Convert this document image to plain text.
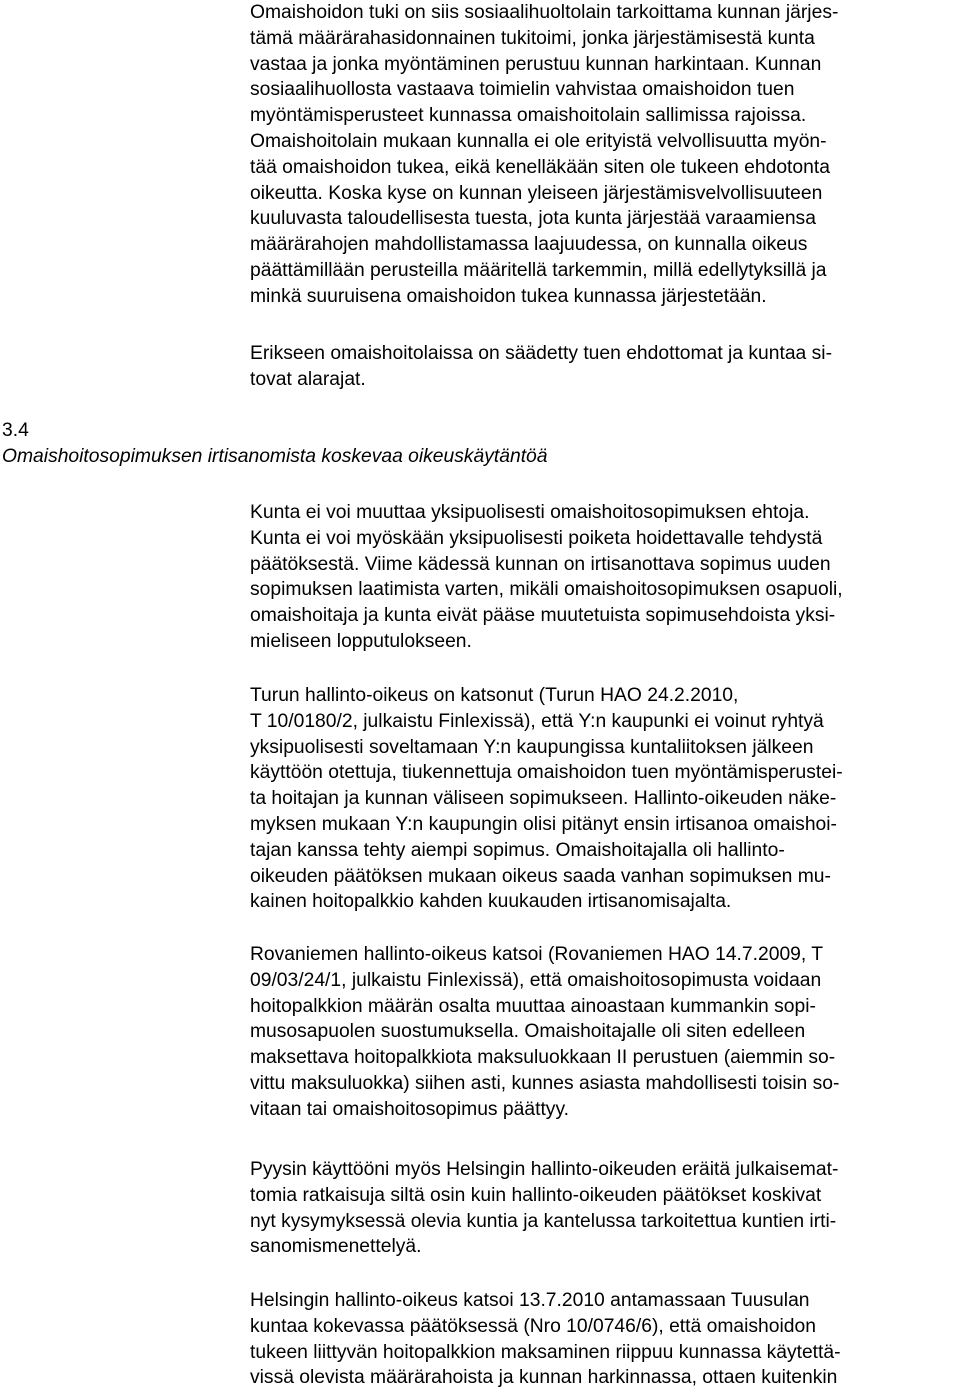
Omaishoidon tuki on siis sosiaalihuoltolain tarkoittama kunnan järjes-
tämä määrärahasidonnainen tukitoimi, jonka järjestämisestä kunta
vastaa ja jonka myöntäminen perustuu kunnan harkintaan. Kunnan
sosiaalihuollosta vastaava toimielin vahvistaa omaishoidon tuen
myöntämisperusteet kunnassa omaishoitolain sallimissa rajoissa.
Omaishoitolain mukaan kunnalla ei ole erityistä velvollisuutta myön-
tää omaishoidon tukea, eikä kenelläkään siten ole tukeen ehdotonta
oikeutta. Koska kyse on kunnan yleiseen järjestämisvelvollisuuteen
kuuluvasta taloudellisesta tuesta, jota kunta järjestää varaamiensa
määrärahojen mahdollistamassa laajuudessa, on kunnalla oikeus
päättämillään perusteilla määritellä tarkemmin, millä edellytyksillä ja
minkä suuruisena omaishoidon tukea kunnassa järjestetään.

Erikseen omaishoitolaissa on säädetty tuen ehdottomat ja kuntaa si-
tovat alarajat.

3.4

Omaishoitosopimuksen irtisanomista koskevaa oikeuskäytäntöä

Kunta ei voi muuttaa yksipuolisesti omaishoitosopimuksen ehtoja.
Kunta ei voi myöskään yksipuolisesti poiketa hoidettavalle tehdystä
päätöksestä. Viime kädessä kunnan on irtisanottava sopimus uuden
sopimuksen laatimista varten, mikäli omaishoitosopimuksen osapuoli,
omaishoitaja ja kunta eivät pääse muutetuista sopimusehdoista yksi-
mieliseen lopputulokseen.

Turun hallinto-oikeus on katsonut (Turun HAO 24.2.2010,
T 10/0180/2, julkaistu Finlexissä), että Y:n kaupunki ei voinut ryhtyä
yksipuolisesti soveltamaan Y:n kaupungissa kuntaliitoksen jälkeen
käyttöön otettuja, tiukennettuja omaishoidon tuen myöntämisperustei-
ta hoitajan ja kunnan väliseen sopimukseen. Hallinto-oikeuden näke-
myksen mukaan Y:n kaupungin olisi pitänyt ensin irtisanoa omaishoi-
tajan kanssa tehty aiempi sopimus. Omaishoitajalla oli hallinto-
oikeuden päätöksen mukaan oikeus saada vanhan sopimuksen mu-
kainen hoitopalkkio kahden kuukauden irtisanomisajalta.

Rovaniemen hallinto-oikeus katsoi (Rovaniemen HAO 14.7.2009, T
09/03/24/1, julkaistu Finlexissä), että omaishoitosopimusta voidaan
hoitopalkkion määrän osalta muuttaa ainoastaan kummankin sopi-
musosapuolen suostumuksella. Omaishoitajalle oli siten edelleen
maksettava hoitopalkkiota maksuluokkaan II perustuen (aiemmin so-
vittu maksuluokka) siihen asti, kunnes asiasta mahdollisesti toisin so-
vitaan tai omaishoitosopimus päättyy.

Pyysin käyttööni myös Helsingin hallinto-oikeuden eräitä julkaisemat-
tomia ratkaisuja siltä osin kuin hallinto-oikeuden päätökset koskivat
nyt kysymyksessä olevia kuntia ja kantelussa tarkoitettua kuntien irti-
sanomismenettelyä.

Helsingin hallinto-oikeus katsoi 13.7.2010 antamassaan Tuusulan
kuntaa kokevassa päätöksessä (Nro 10/0746/6), että omaishoidon
tukeen liittyvän hoitopalkkion maksaminen riippuu kunnassa käytettä-
vissä olevista määrärahoista ja kunnan harkinnassa, ottaen kuitenkin
